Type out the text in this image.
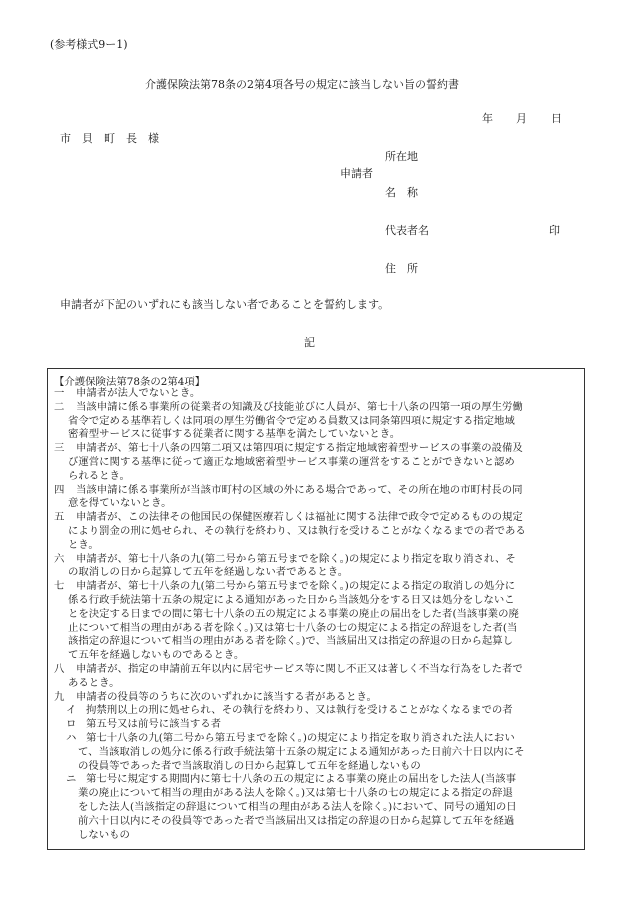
(参考様式9ー1)
介護保険法第78条の2第4項各号の規定に該当しない旨の誓約書
年 月 日
市　貝　町　長　様
所在地
申請者
名　称
代表者名	印
住　所
申請者が下記のいずれにも該当しない者であることを誓約します。
記
【介護保険法第78条の2第4項】
一 申請者が法人でないとき。
二 当該申請に係る事業所の従業者の知識及び技能並びに人員が、第七十八条の四第一項の厚生労働
省令で定める基準若しくは同項の厚生労働省令で定める員数又は同条第四項に規定する指定地域
密着型サービスに従事する従業者に関する基準を満たしていないとき。
三 申請者が、第七十八条の四第二項又は第四項に規定する指定地域密着型サービスの事業の設備及
び運営に関する基準に従って適正な地域密着型サービス事業の運営をすることができないと認め
られるとき。
四 当該申請に係る事業所が当該市町村の区域の外にある場合であって、その所在地の市町村長の同
意を得ていないとき。
五 申請者が、この法律その他国民の保健医療若しくは福祉に関する法律で政令で定めるものの規定
により罰金の刑に処せられ、その執行を終わり、又は執行を受けることがなくなるまでの者である
とき。
六 申請者が、第七十八条の九(第二号から第五号までを除く。)の規定により指定を取り消され、そ
の取消しの日から起算して五年を経過しない者であるとき。
七 申請者が、第七十八条の九(第二号から第五号までを除く。)の規定による指定の取消しの処分に
係る行政手続法第十五条の規定による通知があった日から当該処分をする日又は処分をしないこ
とを決定する日までの間に第七十八条の五の規定による事業の廃止の届出をした者(当該事業の廃
止について相当の理由がある者を除く。)又は第七十八条の七の規定による指定の辞退をした者(当
該指定の辞退について相当の理由がある者を除く。)で、当該届出又は指定の辞退の日から起算し
て五年を経過しないものであるとき。
八 申請者が、指定の申請前五年以内に居宅サービス等に関し不正又は著しく不当な行為をした者で
あるとき。
九 申請者の役員等のうちに次のいずれかに該当する者があるとき。
イ 拘禁刑以上の刑に処せられ、その執行を終わり、又は執行を受けることがなくなるまでの者
ロ 第五号又は前号に該当する者
ハ 第七十八条の九(第二号から第五号までを除く。)の規定により指定を取り消された法人におい
て、当該取消しの処分に係る行政手続法第十五条の規定による通知があった日前六十日以内にそ
の役員等であった者で当該取消しの日から起算して五年を経過しないもの
ニ 第七号に規定する期間内に第七十八条の五の規定による事業の廃止の届出をした法人(当該事
業の廃止について相当の理由がある法人を除く。)又は第七十八条の七の規定による指定の辞退
をした法人(当該指定の辞退について相当の理由がある法人を除く。)において、同号の通知の日
前六十日以内にその役員等であった者で当該届出又は指定の辞退の日から起算して五年を経過
しないもの
